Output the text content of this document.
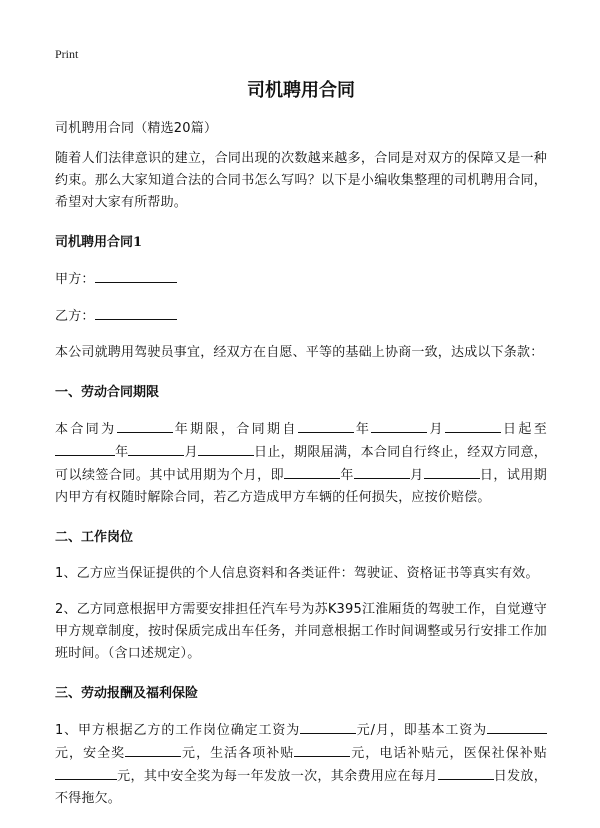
Print
司机聘用合同

司机聘用合同（精选20篇）

随着人们法律意识的建立，合同出现的次数越来越多，合同是对双方的保障又是一种约束。那么大家知道合法的合同书怎么写吗？以下是小编收集整理的司机聘用合同，希望对大家有所帮助。

司机聘用合同1

甲方：

乙方：

本公司就聘用驾驶员事宜，经双方在自愿、平等的基础上协商一致，达成以下条款：

一、劳动合同期限

本合同为	年期限，合同期自	年	月	日起至年	月	日止，期限届满，本合同自行终止，经双方同意，可以续签合同。其中试用期为个月，即	年	月	日，试用期内甲方有权随时解除合同，若乙方造成甲方车辆的任何损失，应按价赔偿。

二、工作岗位

1、乙方应当保证提供的个人信息资料和各类证件：驾驶证、资格证书等真实有效。

2、乙方同意根据甲方需要安排担任汽车号为苏K395江淮厢货的驾驶工作，自觉遵守甲方规章制度，按时保质完成出车任务，并同意根据工作时间调整或另行安排工作加班时间。（含口述规定）。

三、劳动报酬及福利保险

1、甲方根据乙方的工作岗位确定工资为	元/月，即基本工资为元，安全奖	元，生活各项补贴	元，电话补贴元，医保社保补贴元，其中安全奖为每一年发放一次，其余费用应在每月	日发放，不得拖欠。
